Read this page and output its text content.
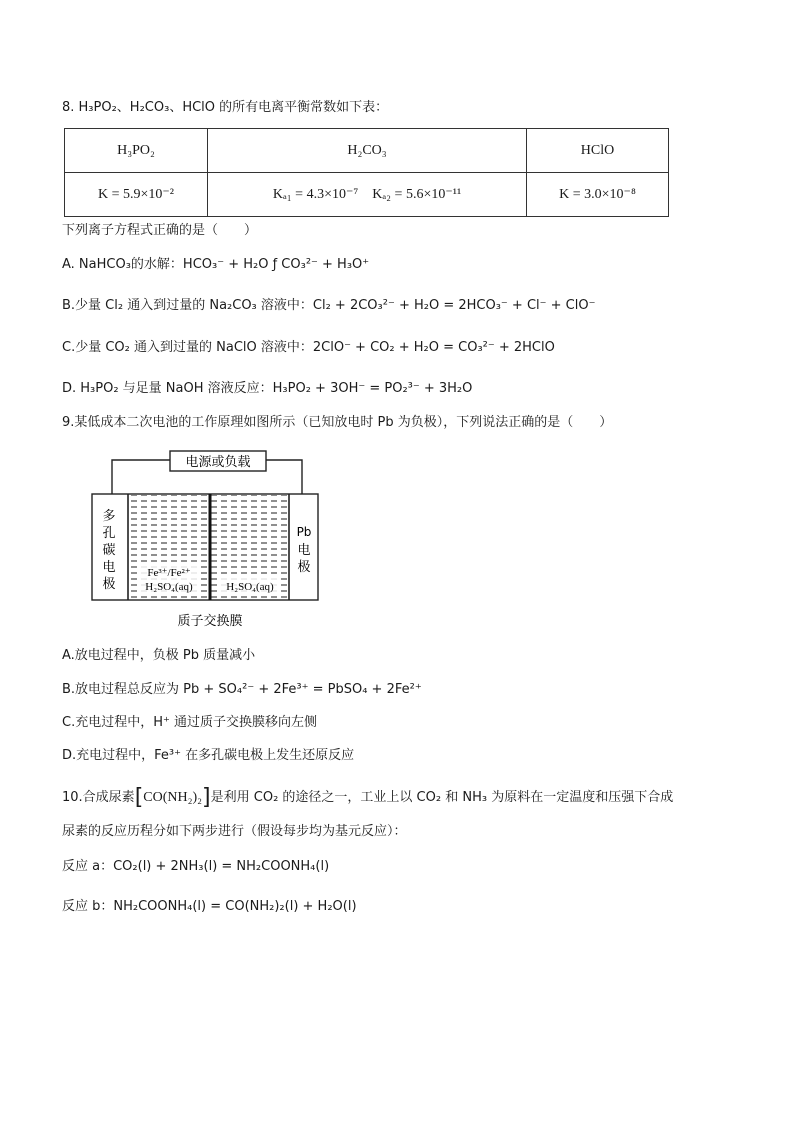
8. H₃PO₂、H₂CO₃、HClO 的所有电离平衡常数如下表：
H₃PO₂	H₂CO₃	HClO
K = 5.9×10⁻²	Kₐ₁ = 4.3×10⁻⁷    Kₐ₂ = 5.6×10⁻¹¹	K = 3.0×10⁻⁸
下列离子方程式正确的是（　　）
A. NaHCO₃的水解：HCO₃⁻ + H₂O ƒ CO₃²⁻ + H₃O⁺
B.少量 Cl₂ 通入到过量的 Na₂CO₃ 溶液中：Cl₂ + 2CO₃²⁻ + H₂O = 2HCO₃⁻ + Cl⁻ + ClO⁻
C.少量 CO₂ 通入到过量的 NaClO 溶液中：2ClO⁻ + CO₂ + H₂O = CO₃²⁻ + 2HClO
D. H₃PO₂ 与足量 NaOH 溶液反应：H₃PO₂ + 3OH⁻ = PO₂³⁻ + 3H₂O
9.某低成本二次电池的工作原理如图所示（已知放电时 Pb 为负极），下列说法正确的是（　　）
电源或负载
多
孔
碳
电
极
Pb
电
极
Fe³⁺/Fe²⁺
H₂SO₄(aq)	H₂SO₄(aq)
质子交换膜
A.放电过程中，负极 Pb 质量减小
B.放电过程总反应为 Pb + SO₄²⁻ + 2Fe³⁺ = PbSO₄ + 2Fe²⁺
C.充电过程中，H⁺ 通过质子交换膜移向左侧
D.充电过程中，Fe³⁺ 在多孔碳电极上发生还原反应
10.合成尿素[CO(NH₂)₂]是利用 CO₂ 的途径之一，工业上以 CO₂ 和 NH₃ 为原料在一定温度和压强下合成
尿素的反应历程分如下两步进行（假设每步均为基元反应）：
反应 a：CO₂(l) + 2NH₃(l) = NH₂COONH₄(l)
反应 b：NH₂COONH₄(l) = CO(NH₂)₂(l) + H₂O(l)
